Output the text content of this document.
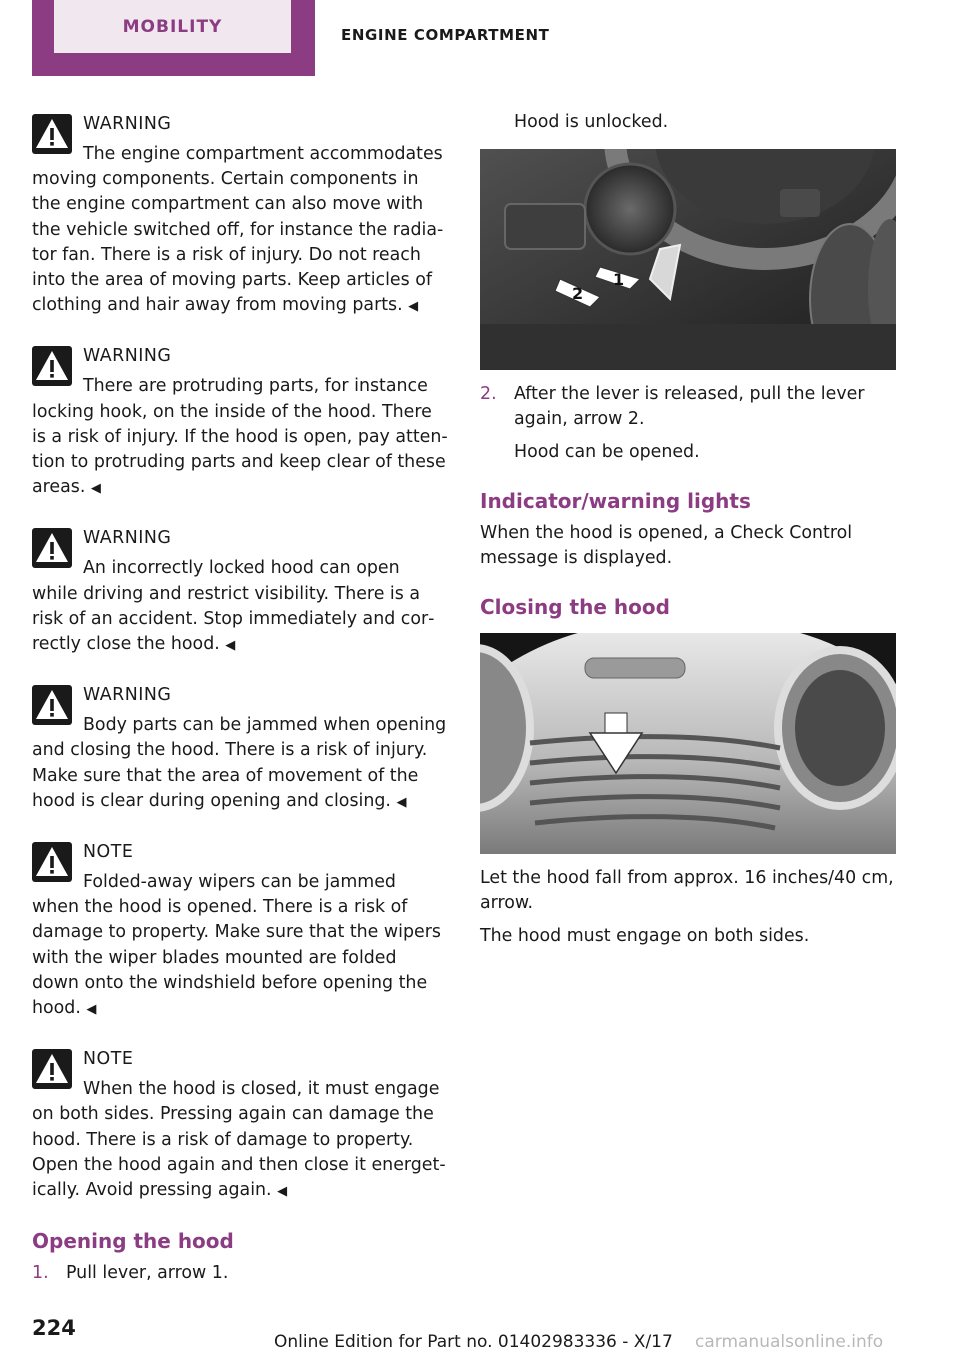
MOBILITY	ENGINE COMPARTMENT
WARNING
The engine compartment accommodates moving components. Certain components in the engine compartment can also move with the vehicle switched off, for instance the radiator fan. There is a risk of injury. Do not reach into the area of moving parts. Keep articles of clothing and hair away from moving parts. ◀
WARNING
There are protruding parts, for instance locking hook, on the inside of the hood. There is a risk of injury. If the hood is open, pay attention to protruding parts and keep clear of these areas. ◀
WARNING
An incorrectly locked hood can open while driving and restrict visibility. There is a risk of an accident. Stop immediately and correctly close the hood. ◀
WARNING
Body parts can be jammed when opening and closing the hood. There is a risk of injury. Make sure that the area of movement of the hood is clear during opening and closing. ◀
NOTE
Folded-away wipers can be jammed when the hood is opened. There is a risk of damage to property. Make sure that the wipers with the wiper blades mounted are folded down onto the windshield before opening the hood. ◀
NOTE
When the hood is closed, it must engage on both sides. Pressing again can damage the hood. There is a risk of damage to property. Open the hood again and then close it energetically. Avoid pressing again. ◀
Opening the hood
1. Pull lever, arrow 1.
Hood is unlocked.
1
2
2. After the lever is released, pull the lever again, arrow 2.
Hood can be opened.
Indicator/warning lights
When the hood is opened, a Check Control message is displayed.
Closing the hood
Let the hood fall from approx. 16 inches/40 cm, arrow.
The hood must engage on both sides.
224
Online Edition for Part no. 01402983336 - X/17 carmanualsonline.info
